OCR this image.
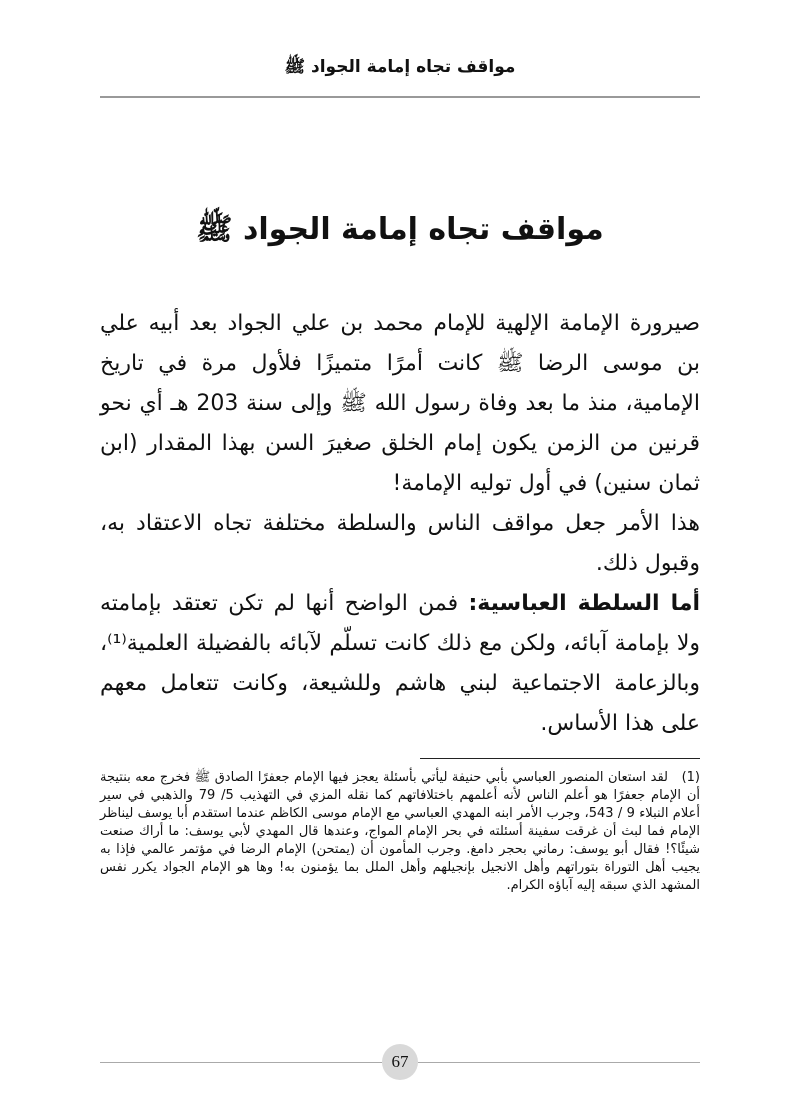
مواقف تجاه إمامة الجواد ﷺ
مواقف تجاه إمامة الجواد ﷺ

صيرورة الإمامة الإلهية للإمام محمد بن علي الجواد بعد أبيه علي بن موسى الرضا ﷺ كانت أمرًا متميزًا فلأول مرة في تاريخ الإمامية، منذ ما بعد وفاة رسول الله ﷺ وإلى سنة 203 هـ أي نحو قرنين من الزمن يكون إمام الخلق صغيرَ السن بهذا المقدار (ابن ثمان سنين) في أول توليه الإمامة!

هذا الأمر جعل مواقف الناس والسلطة مختلفة تجاه الاعتقاد به، وقبول ذلك.

أما السلطة العباسية: فمن الواضح أنها لم تكن تعتقد بإمامته ولا بإمامة آبائه، ولكن مع ذلك كانت تسلّم لآبائه بالفضيلة العلمية⁽¹⁾، وبالزعامة الاجتماعية لبني هاشم وللشيعة، وكانت تتعامل معهم على هذا الأساس.

(1)لقد استعان المنصور العباسي بأبي حنيفة ليأتي بأسئلة يعجز فيها الإمام جعفرًا الصادق ﷺ فخرج معه بنتيجة أن الإمام جعفرًا هو أعلم الناس لأنه أعلمهم باختلافاتهم كما نقله المزي في التهذيب 5/ 79 والذهبي في سير أعلام النبلاء 9 / 543، وجرب الأمر ابنه المهدي العباسي مع الإمام موسى الكاظم عندما استقدم أبا يوسف ليناظر الإمام فما لبث أن غرقت سفينة أسئلته في بحر الإمام المواج، وعندها قال المهدي لأبي يوسف: ما أراك صنعت شيئًا؟! فقال أبو يوسف: رماني بحجر دامغ. وجرب المأمون أن (يمتحن) الإمام الرضا في مؤتمر عالمي فإذا به يجيب أهل التوراة بتوراتهم وأهل الانجيل بإنجيلهم وأهل الملل بما يؤمنون به! وها هو الإمام الجواد يكرر نفس المشهد الذي سبقه إليه آباؤه الكرام.
67
